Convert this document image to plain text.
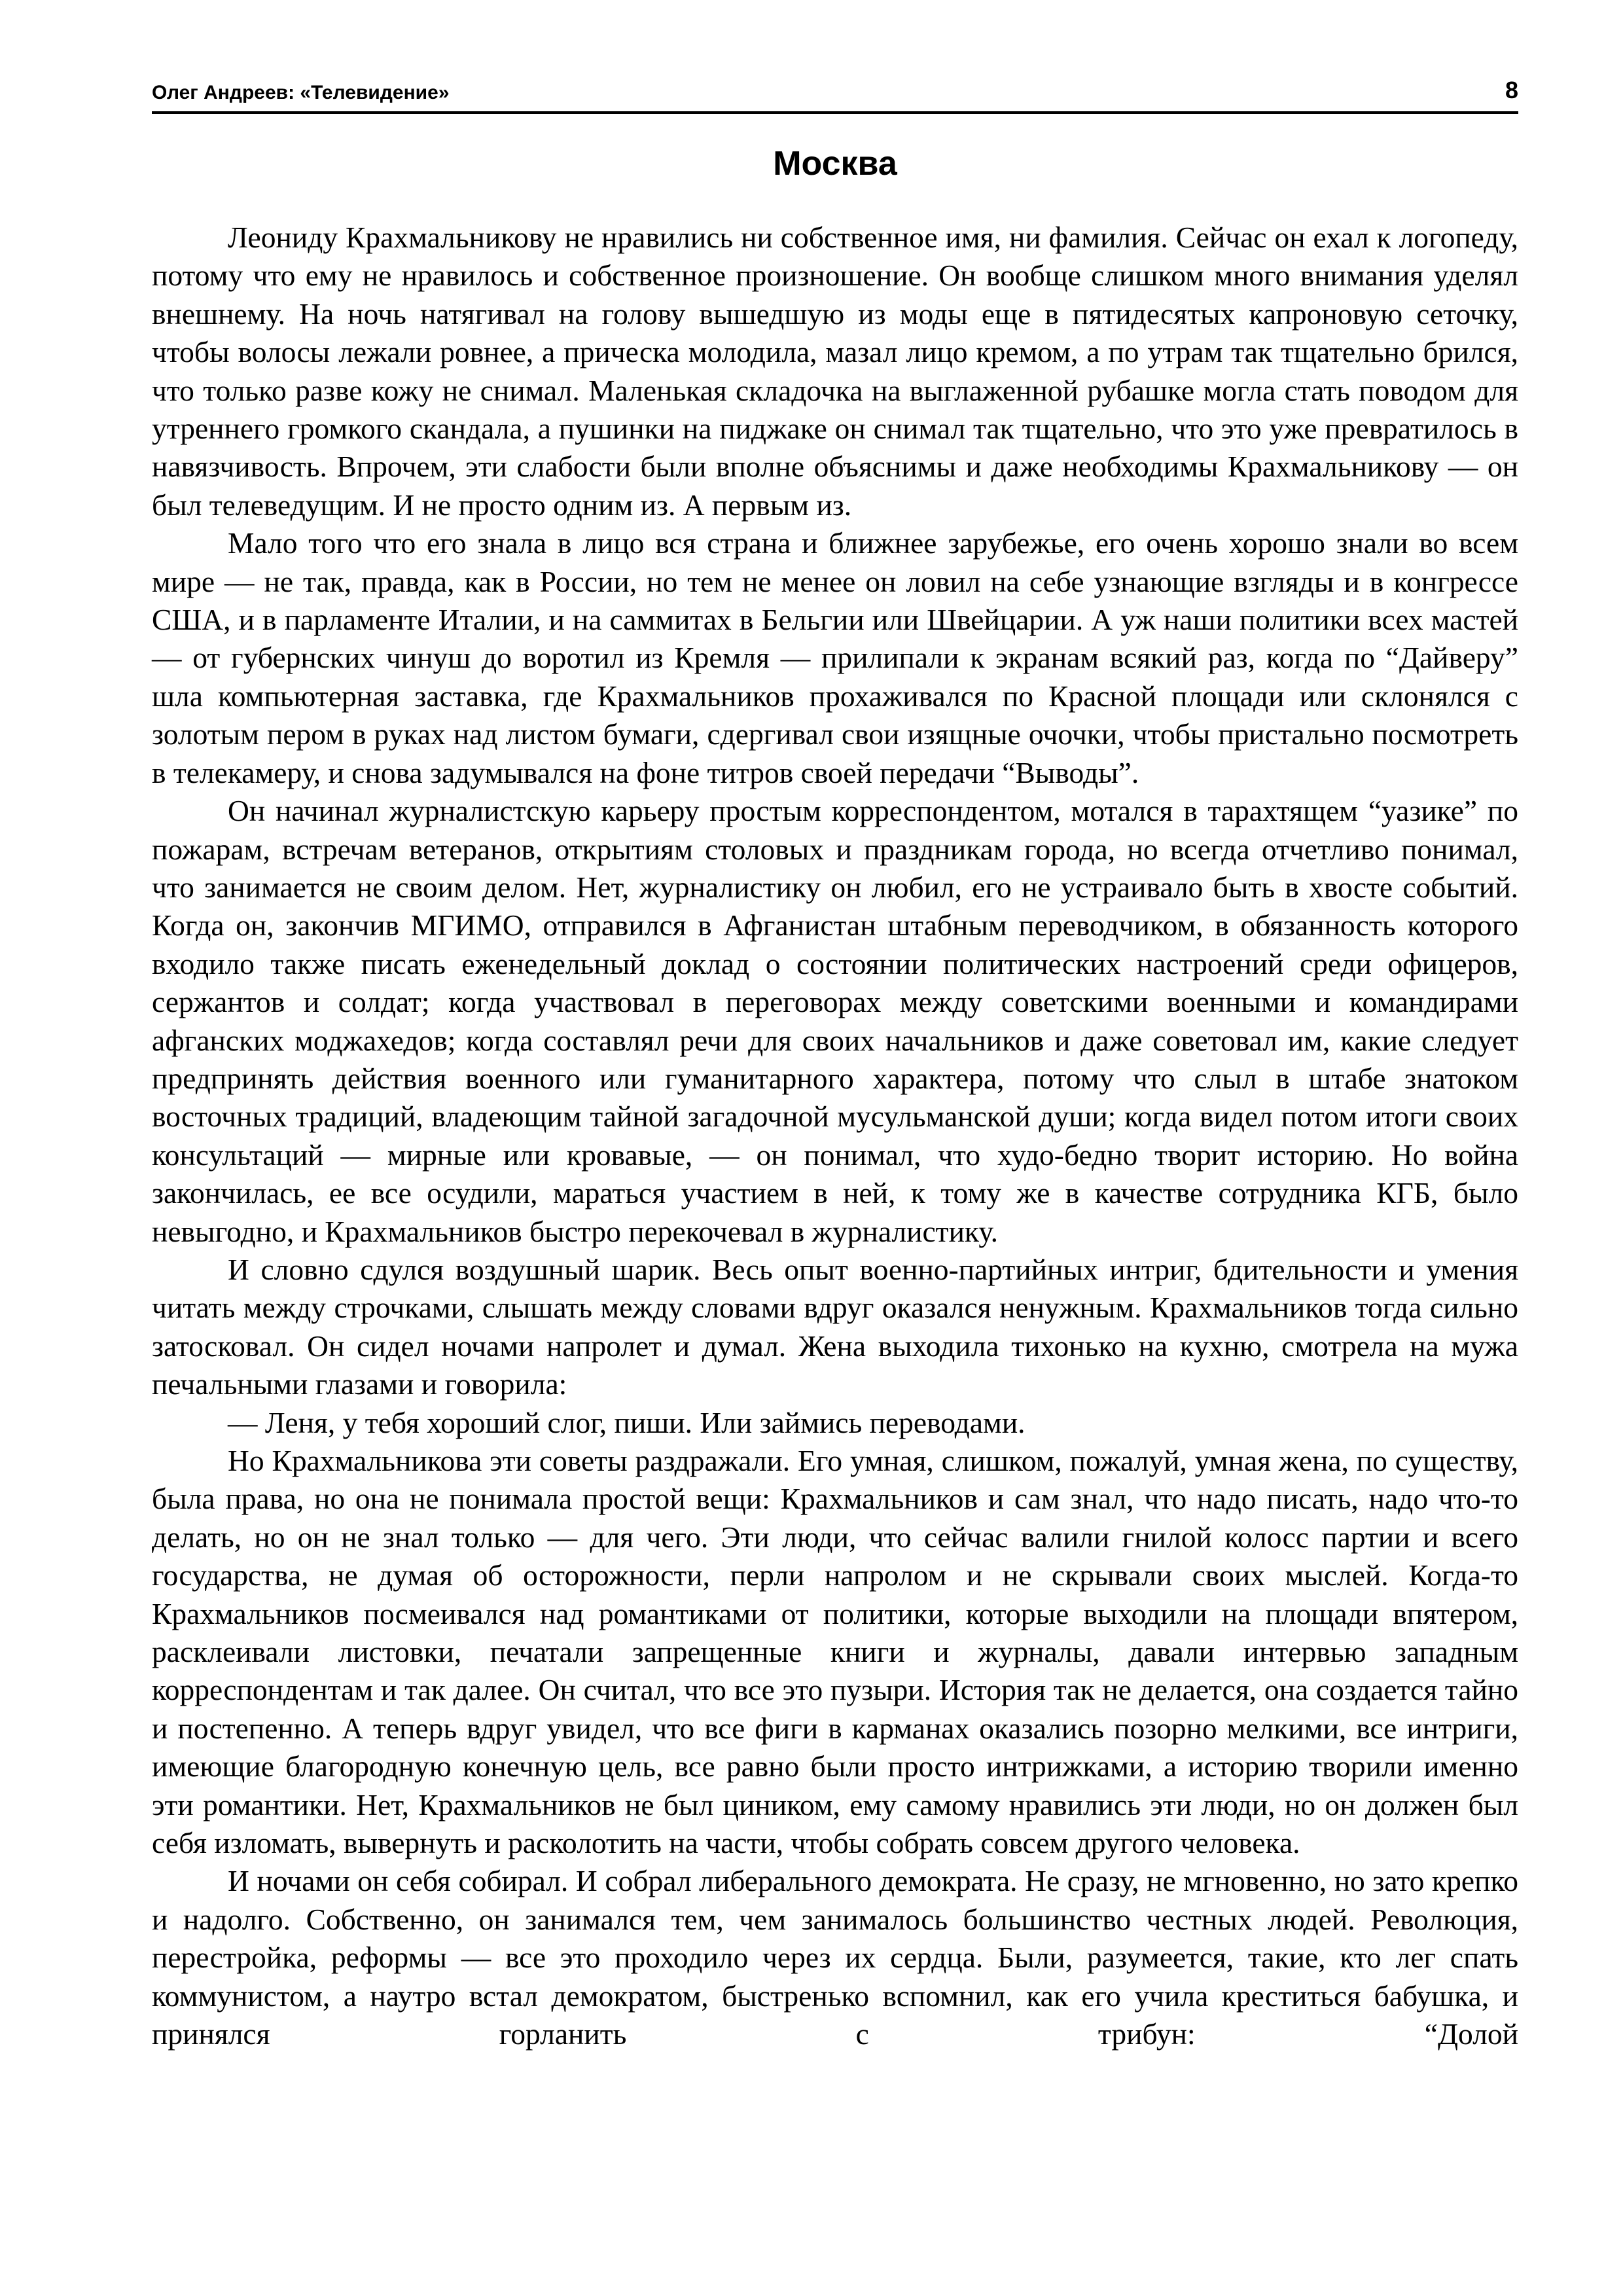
Олег Андреев: «Телевидение»	8
Москва

Леониду Крахмальникову не нравились ни собственное имя, ни фамилия. Сейчас он ехал к логопеду, потому что ему не нравилось и собственное произношение. Он вообще слишком много внимания уделял внешнему. На ночь натягивал на голову вышедшую из моды еще в пятидесятых капроновую сеточку, чтобы волосы лежали ровнее, а прическа молодила, мазал лицо кремом, а по утрам так тщательно брился, что только разве кожу не снимал. Маленькая складочка на выглаженной рубашке могла стать поводом для утреннего громкого скандала, а пушинки на пиджаке он снимал так тщательно, что это уже превратилось в навязчивость. Впрочем, эти слабости были вполне объяснимы и даже необходимы Крахмальникову — он был телеведущим. И не просто одним из. А первым из.

Мало того что его знала в лицо вся страна и ближнее зарубежье, его очень хорошо знали во всем мире — не так, правда, как в России, но тем не менее он ловил на себе узнающие взгляды и в конгрессе США, и в парламенте Италии, и на саммитах в Бельгии или Швейцарии. А уж наши политики всех мастей — от губернских чинуш до воротил из Кремля — прилипали к экранам всякий раз, когда по “Дайверу” шла компьютерная заставка, где Крахмальников прохаживался по Красной площади или склонялся с золотым пером в руках над листом бумаги, сдергивал свои изящные очочки, чтобы пристально посмотреть в телекамеру, и снова задумывался на фоне титров своей передачи “Выводы”.

Он начинал журналистскую карьеру простым корреспондентом, мотался в тарахтящем “уазике” по пожарам, встречам ветеранов, открытиям столовых и праздникам города, но всегда отчетливо понимал, что занимается не своим делом. Нет, журналистику он любил, его не устраивало быть в хвосте событий. Когда он, закончив МГИМО, отправился в Афганистан штабным переводчиком, в обязанность которого входило также писать еженедельный доклад о состоянии политических настроений среди офицеров, сержантов и солдат; когда участвовал в переговорах между советскими военными и командирами афганских моджахедов; когда составлял речи для своих начальников и даже советовал им, какие следует предпринять действия военного или гуманитарного характера, потому что слыл в штабе знатоком восточных традиций, владеющим тайной загадочной мусульманской души; когда видел потом итоги своих консультаций — мирные или кровавые, — он понимал, что худо-бедно творит историю. Но война закончилась, ее все осудили, мараться участием в ней, к тому же в качестве сотрудника КГБ, было невыгодно, и Крахмальников быстро перекочевал в журналистику.

И словно сдулся воздушный шарик. Весь опыт военно-партийных интриг, бдительности и умения читать между строчками, слышать между словами вдруг оказался ненужным. Крахмальников тогда сильно затосковал. Он сидел ночами напролет и думал. Жена выходила тихонько на кухню, смотрела на мужа печальными глазами и говорила:

— Леня, у тебя хороший слог, пиши. Или займись переводами.

Но Крахмальникова эти советы раздражали. Его умная, слишком, пожалуй, умная жена, по существу, была права, но она не понимала простой вещи: Крахмальников и сам знал, что надо писать, надо что-то делать, но он не знал только — для чего. Эти люди, что сейчас валили гнилой колосс партии и всего государства, не думая об осторожности, перли напролом и не скрывали своих мыслей. Когда-то Крахмальников посмеивался над романтиками от политики, которые выходили на площади впятером, расклеивали листовки, печатали запрещенные книги и журналы, давали интервью западным корреспондентам и так далее. Он считал, что все это пузыри. История так не делается, она создается тайно и постепенно. А теперь вдруг увидел, что все фиги в карманах оказались позорно мелкими, все интриги, имеющие благородную конечную цель, все равно были просто интрижками, а историю творили именно эти романтики. Нет, Крахмальников не был циником, ему самому нравились эти люди, но он должен был себя изломать, вывернуть и расколотить на части, чтобы собрать совсем другого человека.

И ночами он себя собирал. И собрал либерального демократа. Не сразу, не мгновенно, но зато крепко и надолго. Собственно, он занимался тем, чем занималось большинство честных людей. Революция, перестройка, реформы — все это проходило через их сердца. Были, разумеется, такие, кто лег спать коммунистом, а наутро встал демократом, быстренько вспомнил, как его учила креститься бабушка, и принялся горланить с трибун: “Долой
